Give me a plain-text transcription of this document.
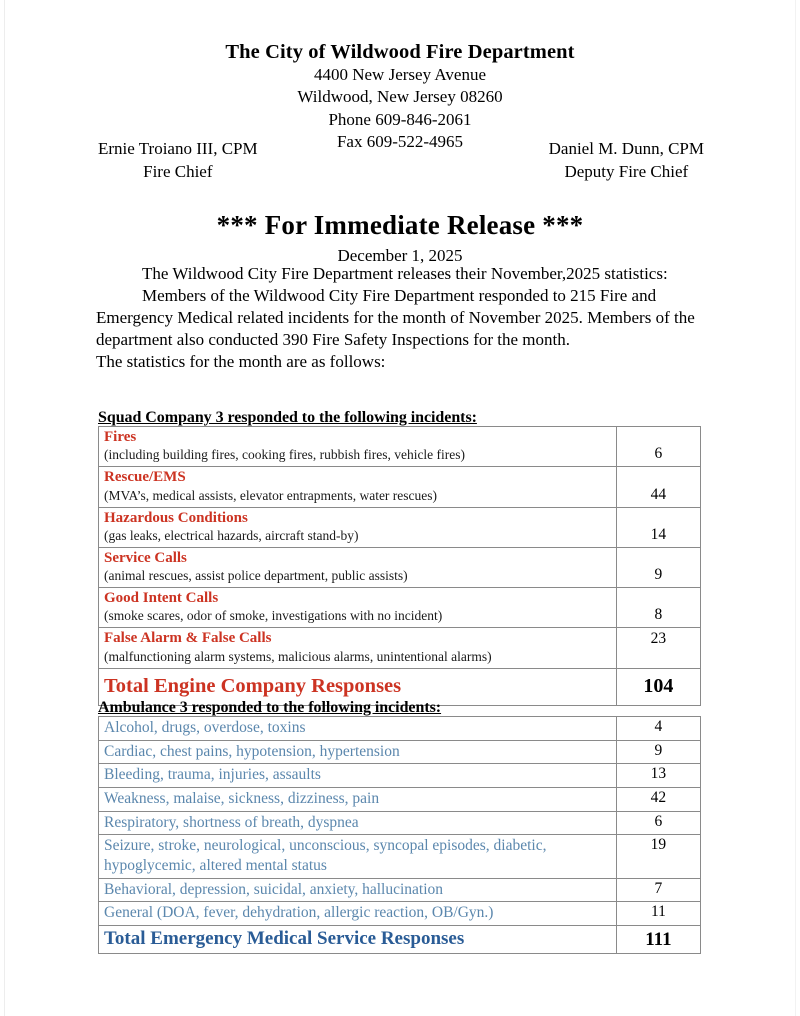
The City of Wildwood Fire Department
4400 New Jersey Avenue
Wildwood, New Jersey 08260
Phone 609-846-2061
Fax 609-522-4965
Ernie Troiano III, CPM
Fire Chief
Daniel M. Dunn, CPM
Deputy Fire Chief
*** For Immediate Release ***
December 1, 2025

The Wildwood City Fire Department releases their November,2025 statistics:

Members of the Wildwood City Fire Department responded to 215 Fire and Emergency Medical related incidents for the month of November 2025. Members of the department also conducted 390 Fire Safety Inspections for the month.

The statistics for the month are as follows:

Squad Company 3 responded to the following incidents:
Fires
(including building fires, cooking fires, rubbish fires, vehicle fires)	6

Rescue/EMS
(MVA’s, medical assists, elevator entrapments, water rescues)	44

Hazardous Conditions
(gas leaks, electrical hazards, aircraft stand-by)	14

Service Calls
(animal rescues, assist police department, public assists)	9

Good Intent Calls
(smoke scares, odor of smoke, investigations with no incident)	8

False Alarm & False Calls
(malfunctioning alarm systems, malicious alarms, unintentional alarms)	23
Total Engine Company Responses	104
Ambulance 3 responded to the following incidents:
Alcohol, drugs, overdose, toxins	4
Cardiac, chest pains, hypotension, hypertension	9
Bleeding, trauma, injuries, assaults	13
Weakness, malaise, sickness, dizziness, pain	42
Respiratory, shortness of breath, dyspnea	6
Seizure, stroke, neurological, unconscious, syncopal episodes, diabetic, hypoglycemic, altered mental status	19
Behavioral, depression, suicidal, anxiety, hallucination	7
General (DOA, fever, dehydration, allergic reaction, OB/Gyn.)	11
Total Emergency Medical Service Responses	111
